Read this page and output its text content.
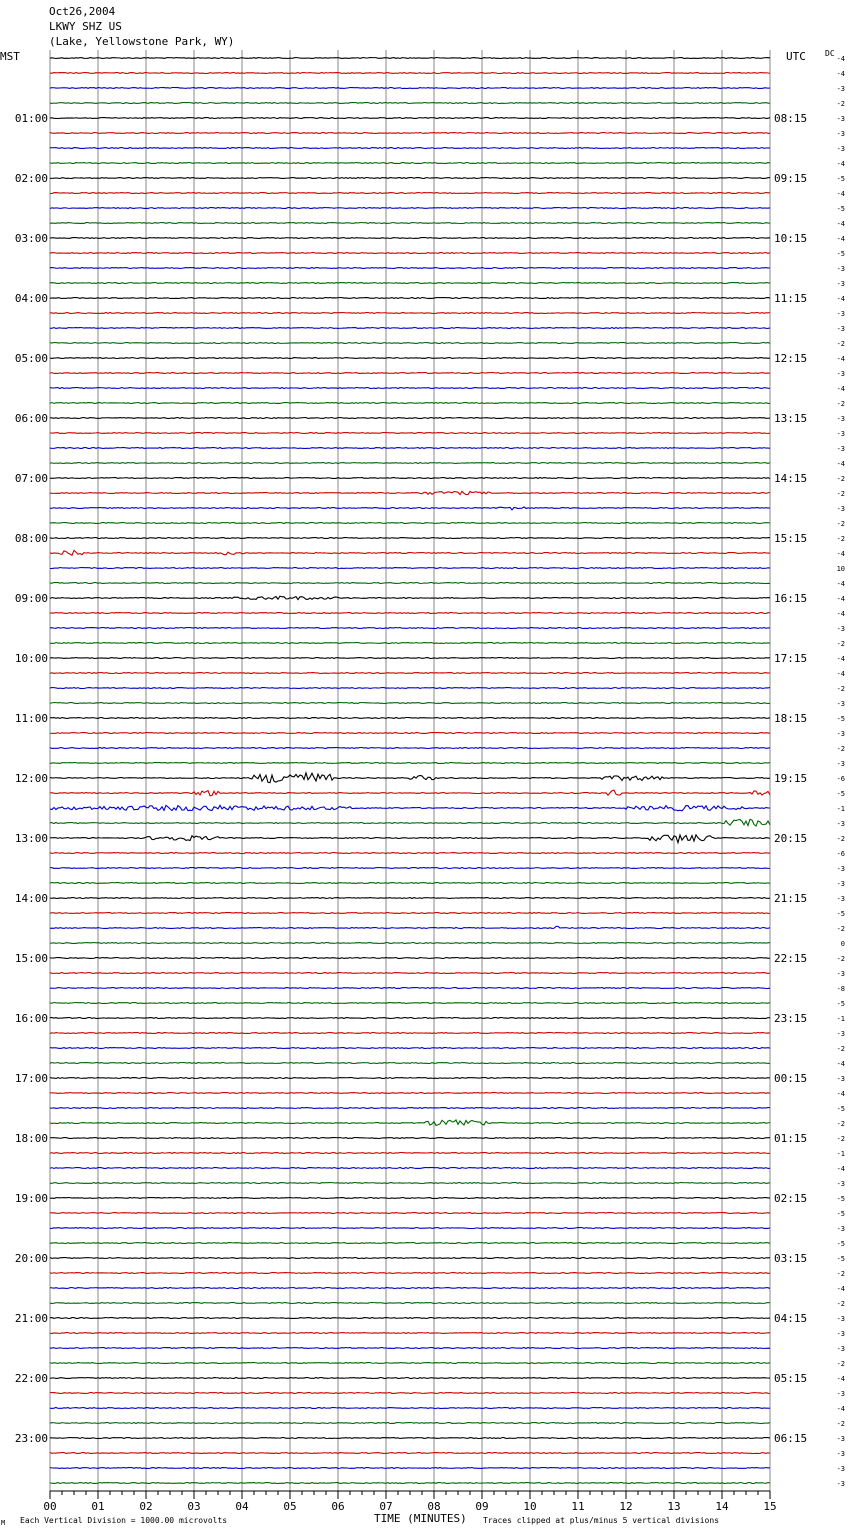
Oct26,2004
LKWY SHZ US
(Lake, Yellowstone Park, WY)
MST	UTC DC
01:00
02:00
03:00
04:00
05:00
06:00
07:00
08:00
09:00
10:00
11:00
12:00
13:00
14:00
15:00
16:00
17:00
18:00
19:00
20:00
21:00
22:00
23:00
08:15
09:15
10:15
11:15
12:15
13:15
14:15
15:15
16:15
17:15
18:15
19:15
20:15
21:15
22:15
23:15
00:15
01:15
02:15
03:15
04:15
05:15
06:15
-4
-4
-3
-2
-3
-3
-3
-4
-5
-4
-5
-4
-4
-5
-3
-3
-4
-3
-3
-2
-4
-3
-4
-2
-3
-3
-3
-4
-2
-2
-3
-2
-2
-4
10
-4
-4
-4
-3
-2
-4
-4
-2
-3
-5
-3
-2
-3
-6
-5
-1
-3
-2
-6
-3
-3
-3
-5
-2
0
-2
-3
-8
-5
-1
-3
-2
-4
-3
-4
-5
-2
-2
-1
-4
-3
-5
-5
-3
-5
-5
-2
-4
-2
-3
-3
-3
-2
-4
-3
-4
-2
-3
-3
-3
-3
00	01	02	03	04	05	06	07	08	09	10	11	12	13	14	15
M Each Vertical Division = 1000.00 microvolts	TIME (MINUTES) Traces clipped at plus/minus 5 vertical divisions
